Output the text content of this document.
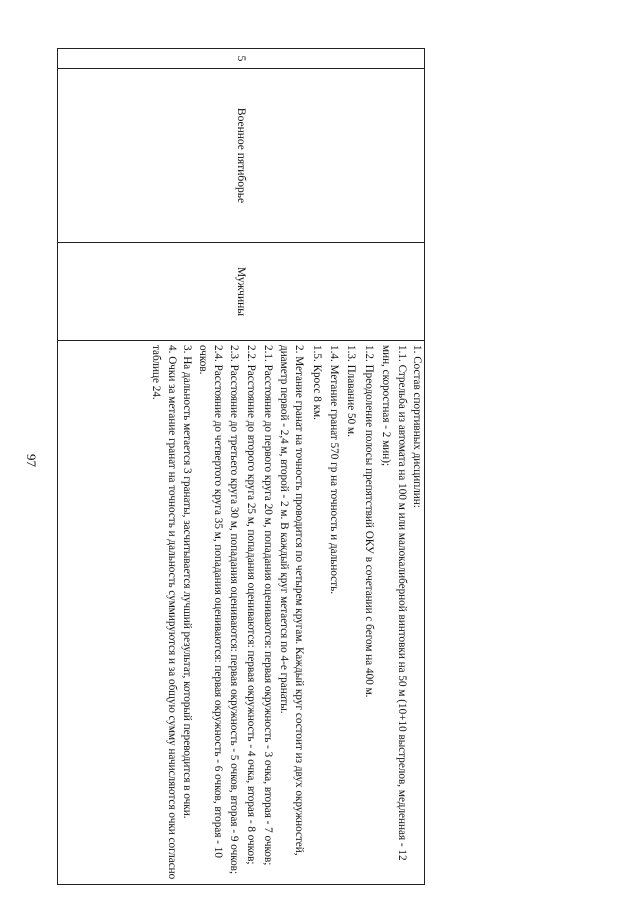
97
5	Военное пятиборье	Мужчины	

1. Состав спортивных дисциплин:

1.1. Стрельба из автомата на 100 м или малокалиберной винтовки на 50 м (10+10 выстрелов, медленная - 12 мин, скоростная - 2 мин);

1.2. Преодоление полосы препятствий ОКУ в сочетании с бегом на 400 м.

1.3. Плавание 50 м.

1.4. Метание гранат 570 гр на точность и дальность.

1.5. Кросс 8 км.

2. Метание гранат на точность проводится по четырем кругам. Каждый круг состоит из двух окружностей, диаметр первой - 2,4 м, второй - 2 м. В каждый круг метается по 4-е гранаты.

2.1. Расстояние до первого круга 20 м, попадания оцениваются: первая окружность - 3 очка, вторая - 7 очков;

2.2. Расстояние до второго круга 25 м, попадания оцениваются: первая окружность - 4 очка, вторая - 8 очков;

2.3. Расстояние до третьего круга 30 м, попадания оцениваются: первая окружность - 5 очков, вторая - 9 очков;

2.4. Расстояние до четвертого круга 35 м, попадания оцениваются: первая окружность - 6 очков, вторая - 10 очков.

3. На дальность метается 3 гранаты, засчитывается лучший результат, который переводится в очки.

4. Очки за метание гранат на точность и дальность суммируются и за общую сумму начисляются очки согласно таблице 24.
